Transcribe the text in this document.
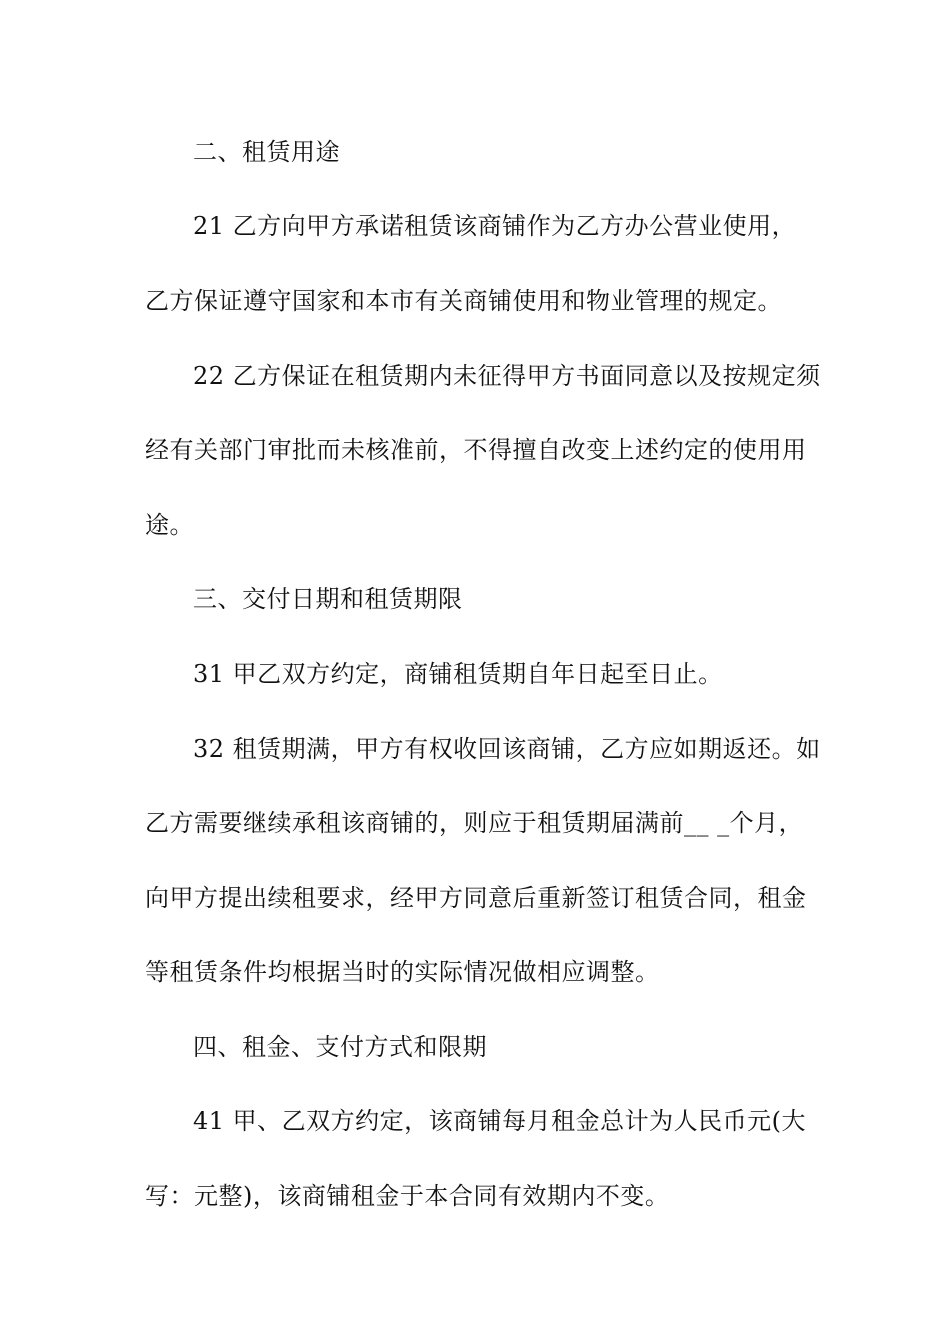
二、租赁用途
21 乙方向甲方承诺租赁该商铺作为乙方办公营业使用，
乙方保证遵守国家和本市有关商铺使用和物业管理的规定。
22 乙方保证在租赁期内未征得甲方书面同意以及按规定须
经有关部门审批而未核准前，不得擅自改变上述约定的使用用
途。
三、交付日期和租赁期限
31 甲乙双方约定，商铺租赁期自年日起至日止。
32 租赁期满，甲方有权收回该商铺，乙方应如期返还。如
乙方需要继续承租该商铺的，则应于租赁期届满前__ _个月，
向甲方提出续租要求，经甲方同意后重新签订租赁合同，租金
等租赁条件均根据当时的实际情况做相应调整。
四、租金、支付方式和限期
41 甲、乙双方约定，该商铺每月租金总计为人民币元(大
写：元整)，该商铺租金于本合同有效期内不变。
